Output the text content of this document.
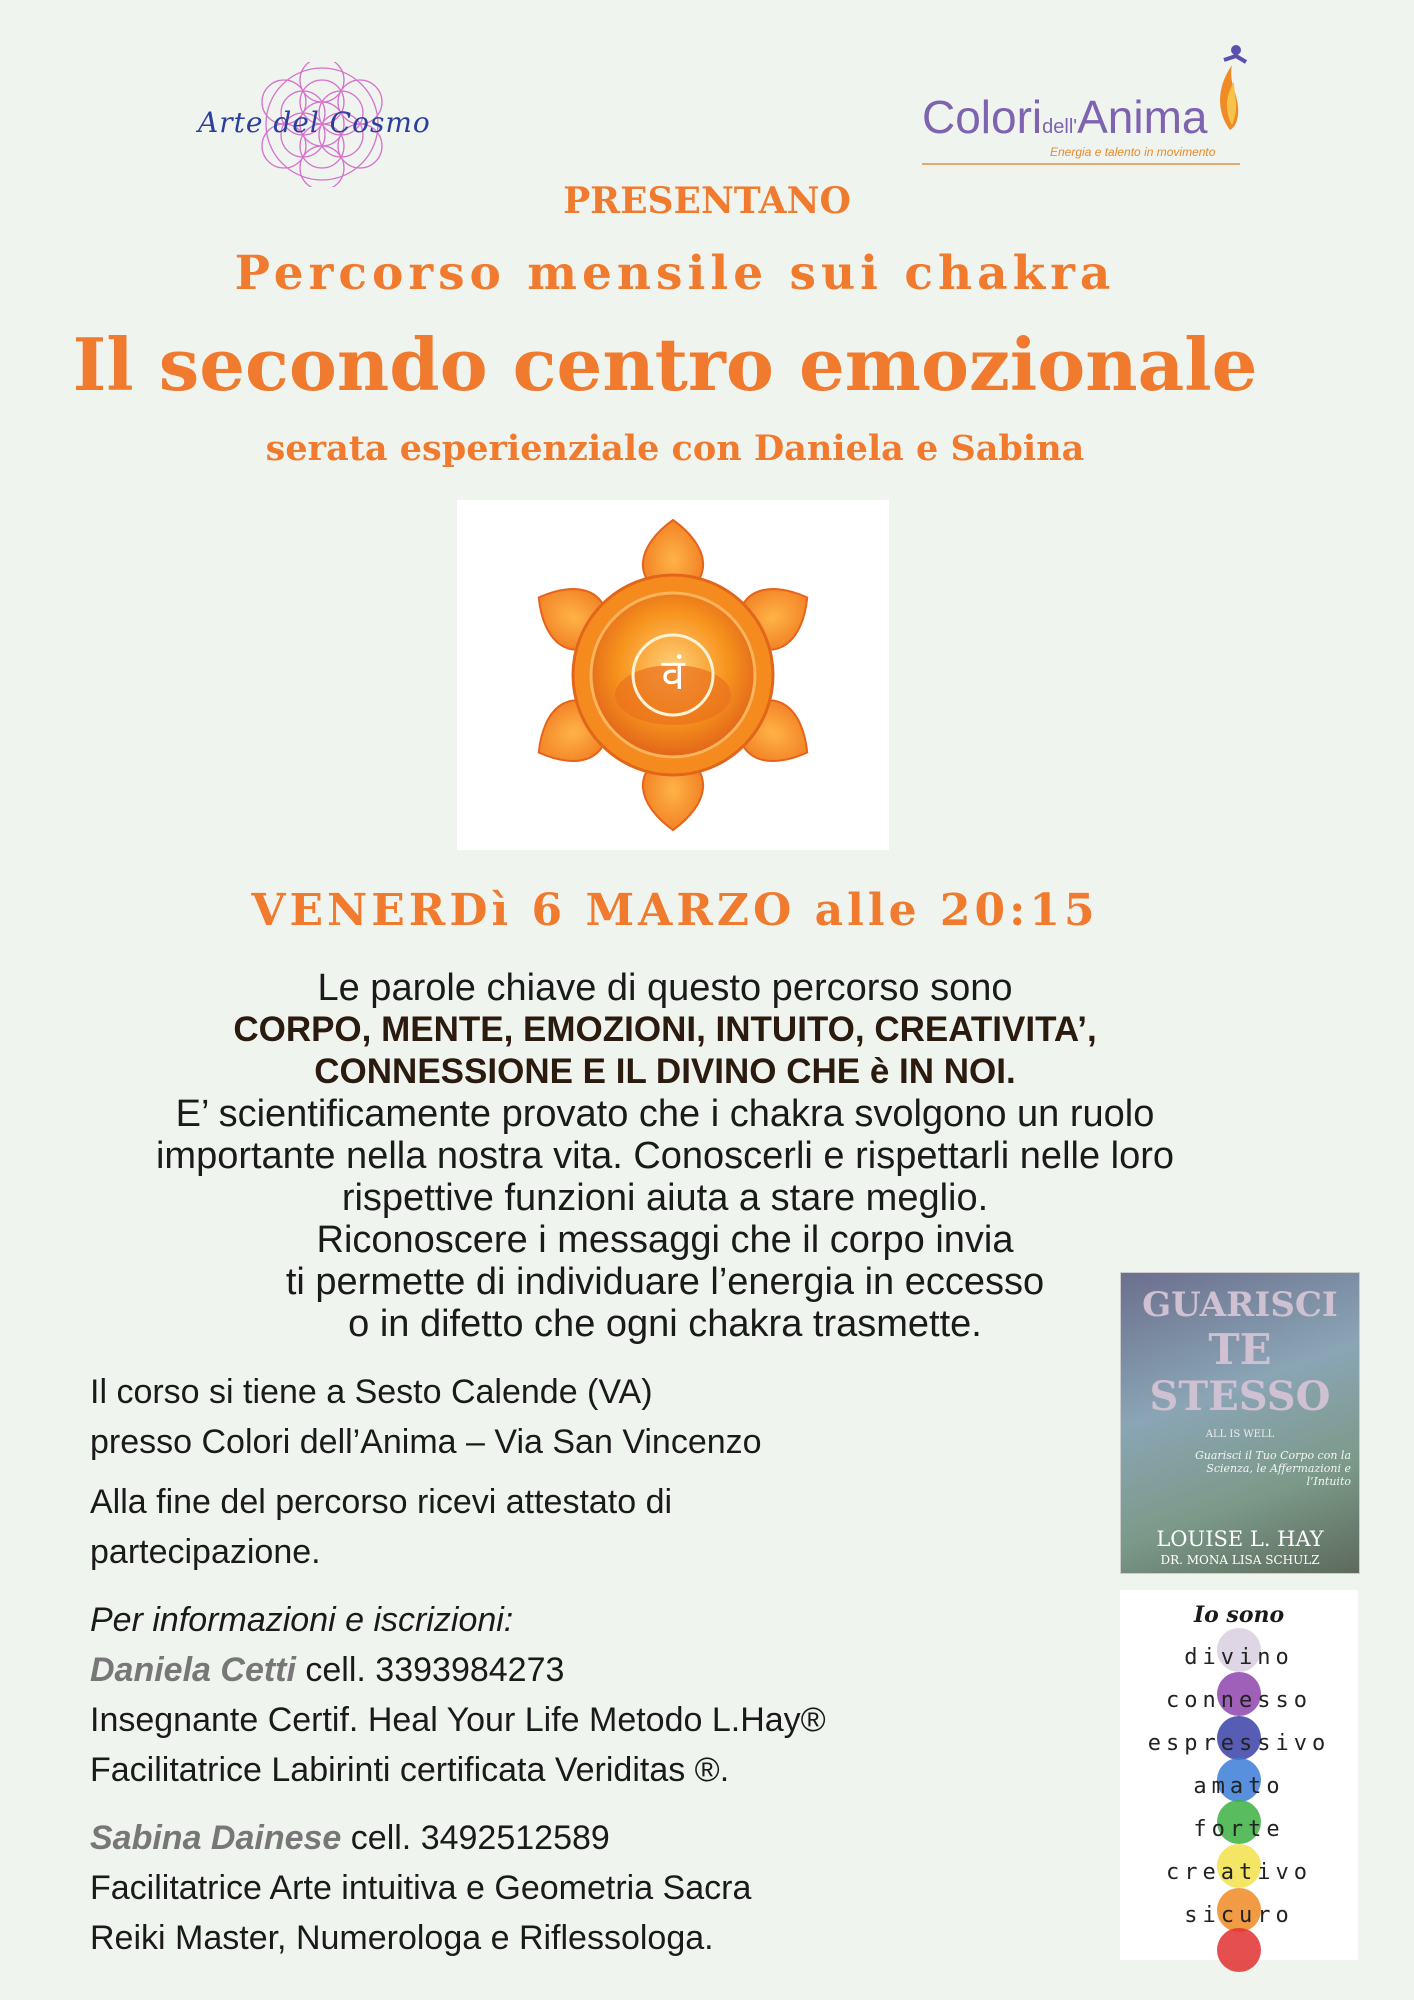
Arte del Cosmo	Coloridell'Anima
Energia e talento in movimento
PRESENTANO
Percorso mensile sui chakra
Il secondo centro emozionale
serata esperienziale con Daniela e Sabina
वं
VENERDì 6 MARZO alle 20:15
Le parole chiave di questo percorso sono
CORPO, MENTE, EMOZIONI, INTUITO, CREATIVITA’,
CONNESSIONE E IL DIVINO CHE è IN NOI.
E’ scientificamente provato che i chakra svolgono un ruolo
importante nella nostra vita. Conoscerli e rispettarli nelle loro
rispettive funzioni aiuta a stare meglio.
Riconoscere i messaggi che il corpo invia
ti permette di individuare l’energia in eccesso
o in difetto che ogni chakra trasmette.
Il corso si tiene a Sesto Calende (VA)
presso Colori dell’Anima – Via San Vincenzo
Alla fine del percorso ricevi attestato di
partecipazione.
Per informazioni e iscrizioni:
Daniela Cetti cell. 3393984273
Insegnante Certif. Heal Your Life Metodo L.Hay®
Facilitatrice Labirinti certificata Veriditas ®.
Sabina Dainese cell. 3492512589
Facilitatrice Arte intuitiva e Geometria Sacra
Reiki Master, Numerologa e Riflessologa.
GUARISCI
TE
STESSO
ALL IS WELL
Guarisci il Tuo Corpo con la Scienza, le Affermazioni e l’Intuito
LOUISE L. HAY
DR. MONA LISA SCHULZ
Io sono
divino
connesso
espressivo
amato
forte
creativo
sicuro
